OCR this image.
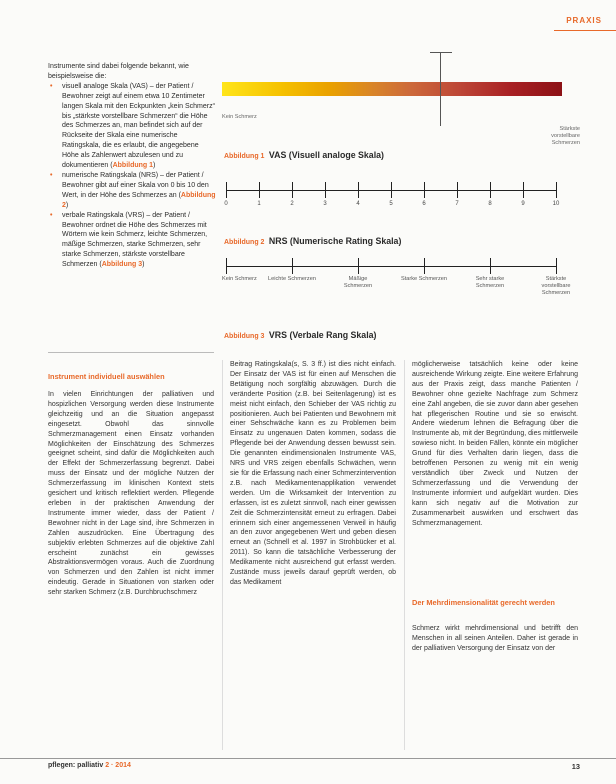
PRAXIS

Instrumente sind dabei folgende bekannt, wie beispielsweise die:

• visuell analoge Skala (VAS) – der Patient / Bewohner zeigt auf einem etwa 10 Zentimeter langen Skala mit den Eckpunkten „kein Schmerz“ bis „stärkste vorstellbare Schmerzen“ die Höhe des Schmerzes an, man befindet sich auf der Rückseite der Skala eine numerische Ratingskala, die es erlaubt, die angegebene Höhe als Zahlenwert abzulesen und zu dokumentieren (Abbildung 1)
• numerische Ratingskala (NRS) – der Patient / Bewohner gibt auf einer Skala von 0 bis 10 den Wert, in der Höhe des Schmerzes an (Abbildung 2)
• verbale Ratingskala (VRS) – der Patient / Bewohner ordnet die Höhe des Schmerzes mit Wörtern wie kein Schmerz, leichte Schmerzen, mäßige Schmerzen, starke Schmerzen, sehr starke Schmerzen, stärkste vorstellbare Schmerzen (Abbildung 3)
Kein Schmerz
Stärkste vorstellbare Schmerzen
Abbildung 1 VAS (Visuell analoge Skala)
0	1	2	3	4	5	6	7	8	9	10
Abbildung 2 NRS (Numerische Rating Skala)
Kein Schmerz	Leichte Schmerzen	Mäßige Schmerzen
Starke Schmerzen	Sehr starke Schmerzen
Stärkste vorstellbare Schmerzen
Abbildung 3 VRS (Verbale Rang Skala)
Instrument individuell auswählen
In vielen Einrichtungen der palliativen und hospizlichen Versorgung werden diese Instrumente gleichzeitig und an die Situation angepasst eingesetzt. Obwohl das sinnvolle Schmerzmanagement einen Einsatz vorhanden Möglichkeiten der Einschätzung des Schmerzes geeignet scheint, sind dafür die Möglichkeiten auch der Effekt der Schmerzerfassung begrenzt. Dabei muss der Einsatz und der mögliche Nutzen der Schmerzerfassung im klinischen Kontext stets gesichert und kritisch reflektiert werden. Pflegende erleben in der praktischen Anwendung der Instrumente immer wieder, dass der Patient / Bewohner nicht in der Lage sind, ihre Schmerzen in Zahlen auszudrücken. Eine Übertragung des subjektiv erlebten Schmerzes auf die objektive Zahl erscheint zunächst ein gewisses Abstraktionsvermögen voraus. Auch die Zuordnung von Schmerzen und den Zahlen ist nicht immer eindeutig. Gerade in Situationen von starken oder sehr starken Schmerz (z.B. Durchbruchschmerz
Beitrag Ratingskala(s, S. 3 ff.) ist dies nicht einfach. Der Einsatz der VAS ist für einen auf Menschen die Betätigung noch sorgfältig abzuwägen. Durch die veränderte Position (z.B. bei Seitenlagerung) ist es meist nicht einfach, den Schieber der VAS richtig zu positionieren. Auch bei Patienten und Bewohnern mit einer Sehschwäche kann es zu Problemen beim Einsatz zu ungenauen Daten kommen, sodass die Pflegende bei der Anwendung dessen bewusst sein. Die genannten eindimensionalen Instrumente VAS, NRS und VRS zeigen ebenfalls Schwächen, wenn sie für die Erfassung nach einer Schmerzintervention z.B. nach Medikamentenapplikation verwendet werden. Um die Wirksamkeit der Intervention zu erfassen, ist es zuletzt sinnvoll, nach einer gewissen Zeit die Schmerzintensität erneut zu erfragen. Dabei erinnern sich einer angemessenen Verweil in häufig an den zuvor angegebenen Wert und geben diesen erneut an (Schnell et al. 1997 in Strohbücker et al. 2011). So kann die tatsächliche Verbesserung der Medikamente nicht ausreichend gut erfasst werden. Zustände muss jeweils darauf geprüft werden, ob das Medikament
möglicherweise tatsächlich keine oder keine ausreichende Wirkung zeigte. Eine weitere Erfahrung aus der Praxis zeigt, dass manche Patienten / Bewohner ohne gezielte Nachfrage zum Schmerz eine Zahl angeben, die sie zuvor dann aber gesehen hat pflegerischen Routine und sie so erwischt. Andere wiederum lehnen die Befragung über die Instrumente ab, mit der Begründung, dies mittlerweile sowieso nicht. In beiden Fällen, könnte ein möglicher Grund für dies Verhalten darin liegen, dass die betroffenen Personen zu wenig mit ein wenig verständlich über Zweck und Nutzen der Schmerzerfassung und die Verwendung der Instrumente informiert und aufgeklärt wurden. Dies kann sich negativ auf die Motivation zur Zusammenarbeit auswirken und erschwert das Schmerzmanagement.
Der Mehrdimensionalität gerecht werden
Schmerz wirkt mehrdimensional und betrifft den Menschen in all seinen Anteilen. Daher ist gerade in der palliativen Versorgung der Einsatz von der
pflegen: palliativ 2 · 2014	13
